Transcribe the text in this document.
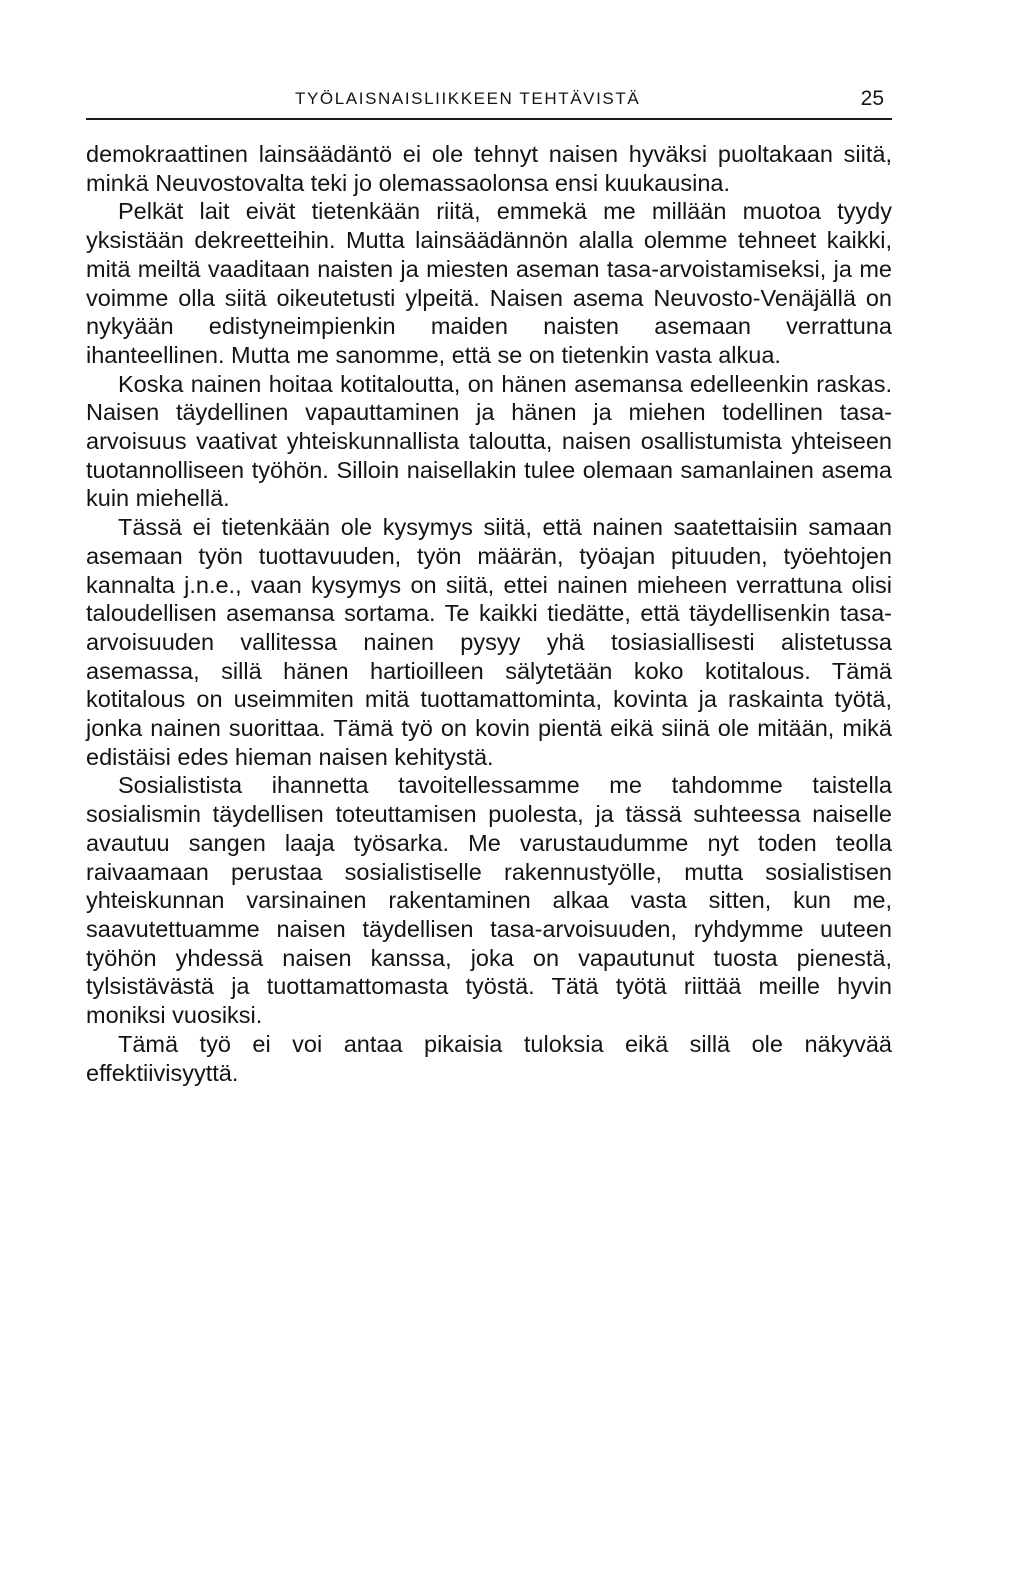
TYÖLAISNAISLIIKKEEN TEHTÄVISTÄ	25

demokraattinen lainsäädäntö ei ole tehnyt naisen hyväksi puoltakaan siitä, minkä Neuvostovalta teki jo olemassaolonsa ensi kuukausina.

Pelkät lait eivät tietenkään riitä, emmekä me millään muotoa tyydy yksistään dekreetteihin. Mutta lainsäädännön alalla olemme tehneet kaikki, mitä meiltä vaaditaan naisten ja miesten aseman tasa-arvoistamiseksi, ja me voimme olla siitä oikeutetusti ylpeitä. Naisen asema Neuvosto-Venäjällä on nykyään edistyneimpienkin maiden naisten asemaan verrattuna ihanteellinen. Mutta me sanomme, että se on tietenkin vasta alkua.

Koska nainen hoitaa kotitaloutta, on hänen asemansa edelleenkin raskas. Naisen täydellinen vapauttaminen ja hänen ja miehen todellinen tasa-arvoisuus vaativat yhteiskunnallista taloutta, naisen osallistumista yhteiseen tuotannolliseen työhön. Silloin naisellakin tulee olemaan samanlainen asema kuin miehellä.

Tässä ei tietenkään ole kysymys siitä, että nainen saatettaisiin samaan asemaan työn tuottavuuden, työn määrän, työajan pituuden, työehtojen kannalta j.n.e., vaan kysymys on siitä, ettei nainen mieheen verrattuna olisi taloudellisen asemansa sortama. Te kaikki tiedätte, että täydellisenkin tasa-arvoisuuden vallitessa nainen pysyy yhä tosiasiallisesti alistetussa asemassa, sillä hänen hartioilleen sälytetään koko kotitalous. Tämä kotitalous on useimmiten mitä tuottamattominta, kovinta ja raskainta työtä, jonka nainen suorittaa. Tämä työ on kovin pientä eikä siinä ole mitään, mikä edistäisi edes hieman naisen kehitystä.

Sosialistista ihannetta tavoitellessamme me tahdomme taistella sosialismin täydellisen toteuttamisen puolesta, ja tässä suhteessa naiselle avautuu sangen laaja työsarka. Me varustaudumme nyt toden teolla raivaamaan perustaa sosialistiselle rakennustyölle, mutta sosialistisen yhteiskunnan varsinainen rakentaminen alkaa vasta sitten, kun me, saavutettuamme naisen täydellisen tasa-arvoisuuden, ryhdymme uuteen työhön yhdessä naisen kanssa, joka on vapautunut tuosta pienestä, tylsistävästä ja tuottamattomasta työstä. Tätä työtä riittää meille hyvin moniksi vuosiksi.

Tämä työ ei voi antaa pikaisia tuloksia eikä sillä ole näkyvää effektiivisyyttä.
